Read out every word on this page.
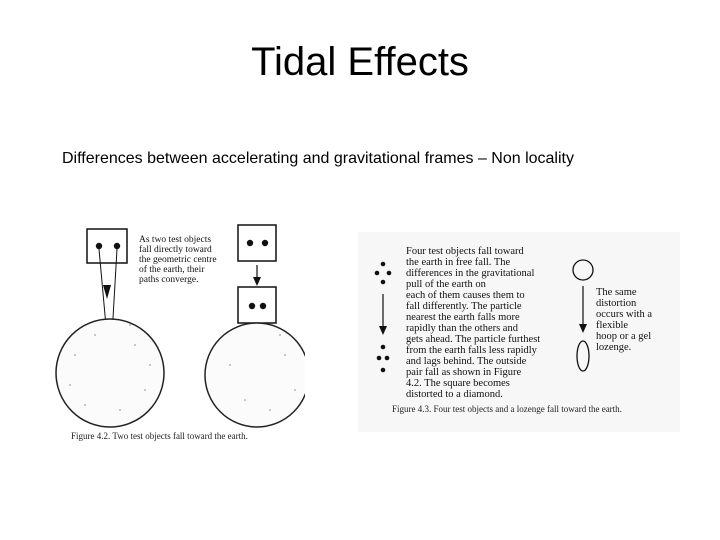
Tidal Effects
Differences between accelerating and gravitational frames – Non locality
As two test objects
fall directly toward
the geometric centre
of the earth, their
paths converge.
Figure 4.2. Two test objects fall toward the earth.
Four test objects fall toward
the earth in free fall. The
differences in the gravitational
pull of the earth on
each of them causes them to
fall differently. The particle
nearest the earth falls more
rapidly than the others and
gets ahead. The particle furthest
from the earth falls less rapidly
and lags behind. The outside
pair fall as shown in Figure
4.2. The square becomes
distorted to a diamond.
The same
distortion
occurs with a
flexible
hoop or a gel
lozenge.
Figure 4.3. Four test objects and a lozenge fall toward the earth.
